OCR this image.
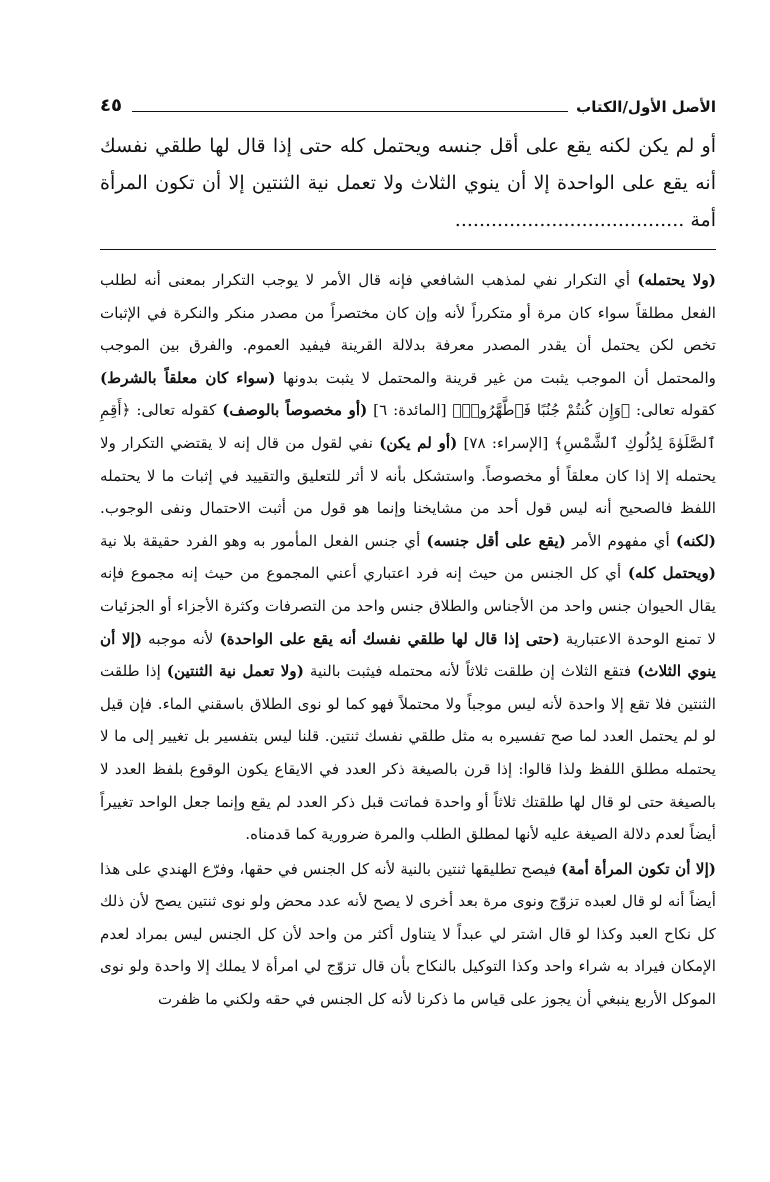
الأصل الأول/الكتاب
٤٥
أو لم يكن لكنه يقع على أقل جنسه ويحتمل كله حتى إذا قال لها طلقي نفسك أنه يقع على الواحدة إلا أن ينوي الثلاث ولا تعمل نية الثنتين إلا أن تكون المرأة أمة ......................................

(ولا يحتمله) أي التكرار نفي لمذهب الشافعي فإنه قال الأمر لا يوجب التكرار بمعنى أنه لطلب الفعل مطلقاً سواء كان مرة أو متكرراً لأنه وإن كان مختصراً من مصدر منكر والنكرة في الإثبات تخص لكن يحتمل أن يقدر المصدر معرفة بدلالة القرينة فيفيد العموم. والفرق بين الموجب والمحتمل أن الموجب يثبت من غير قرينة والمحتمل لا يثبت بدونها (سواء كان معلقاً بالشرط) كقوله تعالى: ﴿وَإِن كُنتُمْ جُنُبًا فَٱطَّهَّرُوا۟﴾ [المائدة: ٦] (أو مخصوصاً بالوصف) كقوله تعالى: ﴿أَقِمِ ٱلصَّلَوٰةَ لِدُلُوكِ ٱلشَّمْسِ﴾ [الإسراء: ٧٨] (أو لم يكن) نفي لقول من قال إنه لا يقتضي التكرار ولا يحتمله إلا إذا كان معلقاً أو مخصوصاً. واستشكل بأنه لا أثر للتعليق والتقييد في إثبات ما لا يحتمله اللفظ فالصحيح أنه ليس قول أحد من مشايخنا وإنما هو قول من أثبت الاحتمال ونفى الوجوب. (لكنه) أي مفهوم الأمر (يقع على أقل جنسه) أي جنس الفعل المأمور به وهو الفرد حقيقة بلا نية (ويحتمل كله) أي كل الجنس من حيث إنه فرد اعتباري أعني المجموع من حيث إنه مجموع فإنه يقال الحيوان جنس واحد من الأجناس والطلاق جنس واحد من التصرفات وكثرة الأجزاء أو الجزئيات لا تمنع الوحدة الاعتبارية (حتى إذا قال لها طلقي نفسك أنه يقع على الواحدة) لأنه موجبه (إلا أن ينوي الثلاث) فتقع الثلاث إن طلقت ثلاثاً لأنه محتمله فيثبت بالنية (ولا تعمل نية الثنتين) إذا طلقت الثنتين فلا تقع إلا واحدة لأنه ليس موجباً ولا محتملاً فهو كما لو نوى الطلاق باسقني الماء. فإن قيل لو لم يحتمل العدد لما صح تفسيره به مثل طلقي نفسك ثنتين. قلنا ليس بتفسير بل تغيير إلى ما لا يحتمله مطلق اللفظ ولذا قالوا: إذا قرن بالصيغة ذكر العدد في الايقاع يكون الوقوع بلفظ العدد لا بالصيغة حتى لو قال لها طلقتك ثلاثاً أو واحدة فماتت قبل ذكر العدد لم يقع وإنما جعل الواحد تغييراً أيضاً لعدم دلالة الصيغة عليه لأنها لمطلق الطلب والمرة ضرورية كما قدمناه.

(إلا أن تكون المرأة أمة) فيصح تطليقها ثنتين بالنية لأنه كل الجنس في حقها، وفرّع الهندي على هذا أيضاً أنه لو قال لعبده تزوّج ونوى مرة بعد أخرى لا يصح لأنه عدد محض ولو نوى ثنتين يصح لأن ذلك كل نكاح العبد وكذا لو قال اشتر لي عبداً لا يتناول أكثر من واحد لأن كل الجنس ليس بمراد لعدم الإمكان فيراد به شراء واحد وكذا التوكيل بالنكاح بأن قال تزوّج لي امرأة لا يملك إلا واحدة ولو نوى الموكل الأربع ينبغي أن يجوز على قياس ما ذكرنا لأنه كل الجنس في حقه ولكني ما ظفرت
